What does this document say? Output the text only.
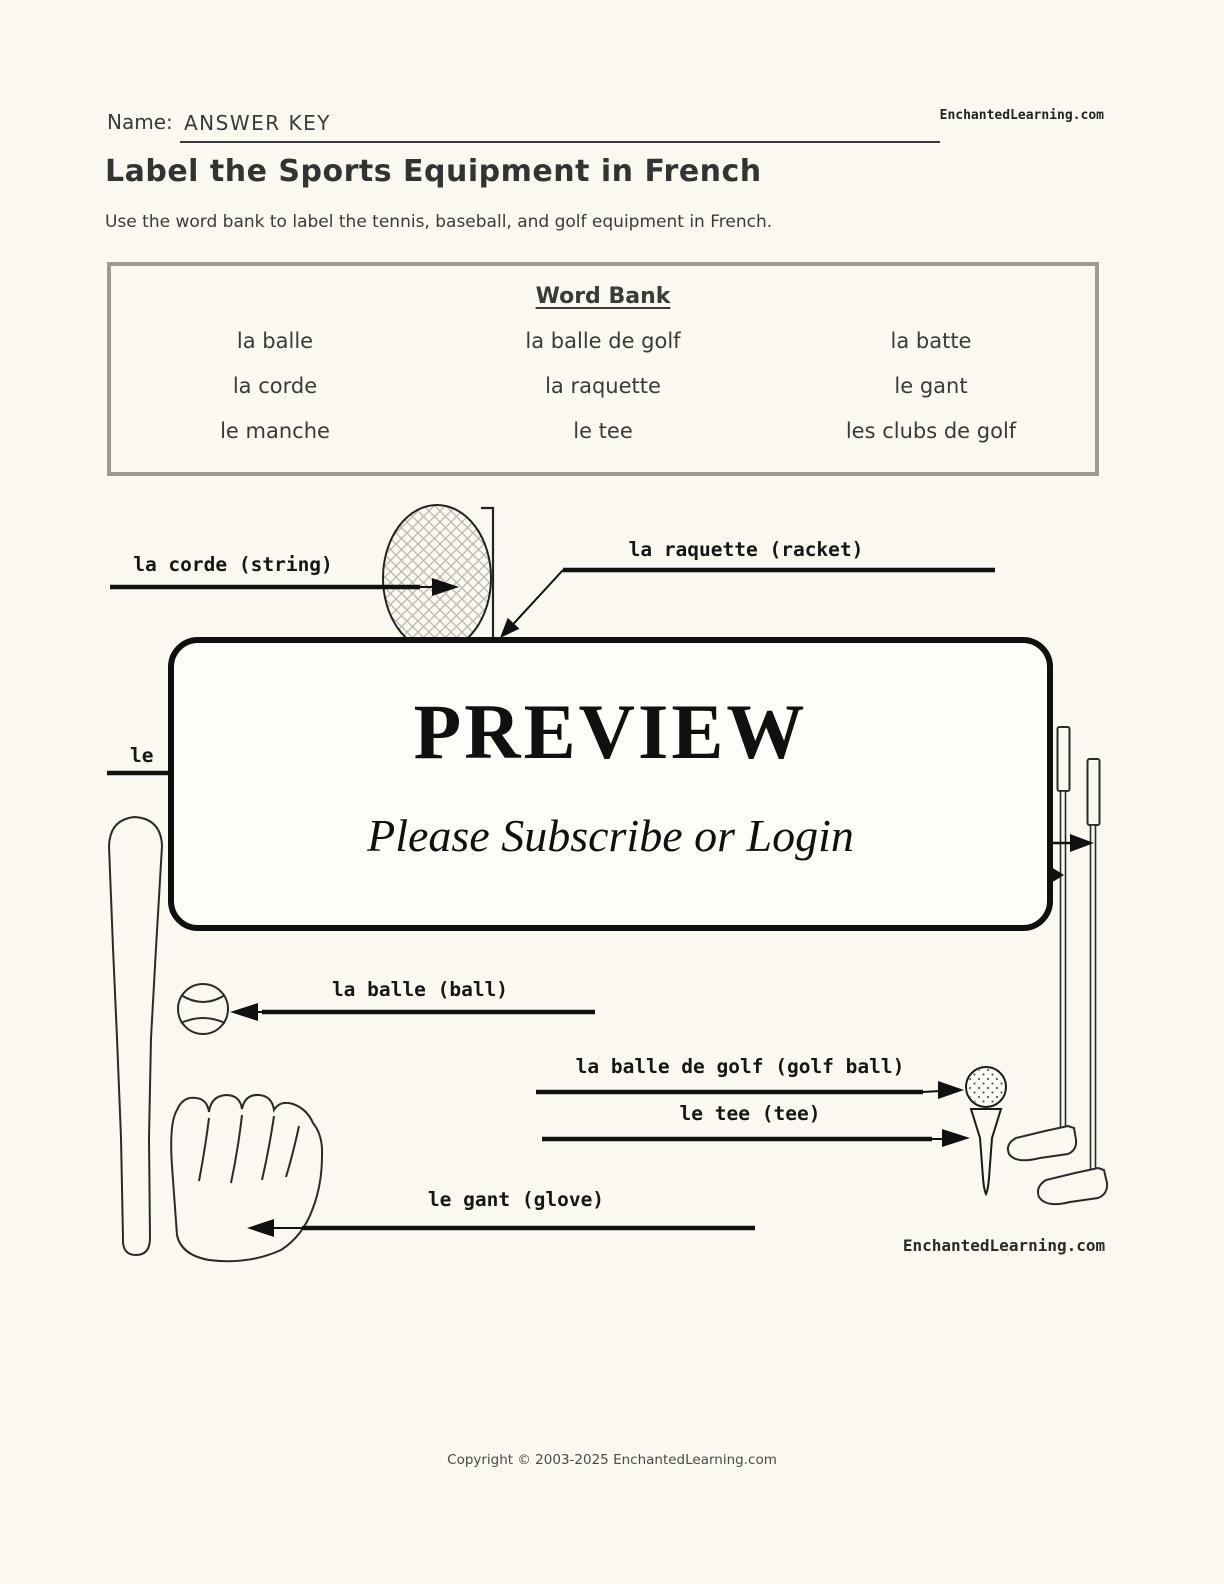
Name: ANSWER KEY	EnchantedLearning.com
Label the Sports Equipment in French
Use the word bank to label the tennis, baseball, and golf equipment in French.
Word Bank
la balle	la balle de golf	la batte
la corde	la raquette	le gant
le manche	le tee	les clubs de golf
la corde (string)
la raquette (racket)
le
la balle (ball)
la balle de golf (golf ball)
le tee (tee)
le gant (glove)
EnchantedLearning.com
PREVIEW
Please Subscribe or Login
Copyright © 2003-2025 EnchantedLearning.com
